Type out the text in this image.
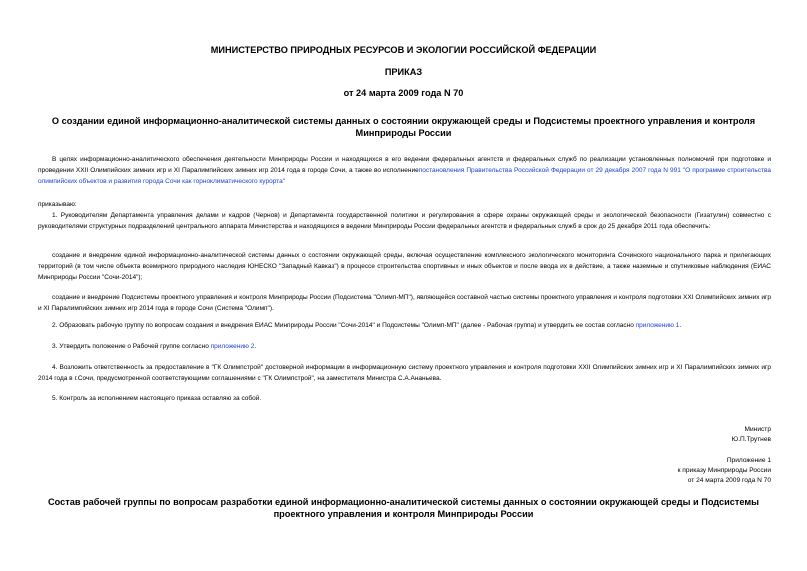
МИНИСТЕРСТВО ПРИРОДНЫХ РЕСУРСОВ И ЭКОЛОГИИ РОССИЙСКОЙ ФЕДЕРАЦИИ
ПРИКАЗ
от 24 марта 2009 года N 70
О создании единой информационно-аналитической системы данных о состоянии окружающей среды и Подсистемы проектного управления и контроля Минприроды России
В целях информационно-аналитического обеспечения деятельности Минприроды России и находящихся в его ведении федеральных агентств и федеральных служб по реализации установленных полномочий при подготовке и проведении XXII Олимпийских зимних игр и XI Паралимпийских зимних игр 2014 года в городе Сочи, а также во исполнениепостановления Правительства Российской Федерации от 29 декабря 2007 года N 991 "О программе строительства олимпийских объектов и развития города Сочи как горноклиматического курорта"
приказываю:
1. Руководителям Департамента управления делами и кадров (Чернов) и Департамента государственной политики и регулирования в сфере охраны окружающей среды и экологической безопасности (Гизатулин) совместно с руководителями структурных подразделений центрального аппарата Министерства и находящихся в ведении Минприроды России федеральных агентств и федеральных служб в срок до 25 декабря 2011 года обеспечить:
создание и внедрение единой информационно-аналитической системы данных о состоянии окружающей среды, включая осуществление комплексного экологического мониторинга Сочинского национального парка и прилегающих территорий (в том числе объекта всемирного природного наследия ЮНЕСКО "Западный Кавказ") в процессе строительства спортивных и иных объектов и после ввода их в действие, а также наземные и спутниковые наблюдения (ЕИАС Минприроды России "Сочи-2014");
создание и внедрение Подсистемы проектного управления и контроля Минприроды России (Подсистема "Олимп-МП"), являющейся составной частью системы проектного управления и контроля подготовки XXI Олимпийских зимних игр и XI Паралимпийских зимних игр 2014 года в городе Сочи (Система "Олимп").
2. Образовать рабочую группу по вопросам создания и внедрения ЕИАС Минприроды России "Сочи-2014" и Подсистемы "Олимп-МП" (далее - Рабочая группа) и утвердить ее состав согласно приложению 1.
3. Утвердить положение о Рабочей группе согласно приложению 2.
4. Возложить ответственность за предоставление в "ГК Олимпстрой" достоверной информации в информационную систему проектного управления и контроля подготовки XXII Олимпийских зимних игр и XI Паралимпийских зимних игр 2014 года в г.Сочи, предусмотренной соответствующими соглашениями с "ГК Олимпстрой", на заместителя Министра С.А.Ананьева.
5. Контроль за исполнением настоящего приказа оставляю за собой.
Министр
Ю.П.Трутнев
Приложение 1
к приказу Минприроды России
от 24 марта 2009 года N 70
Состав рабочей группы по вопросам разработки единой информационно-аналитической системы данных о состоянии окружающей среды и Подсистемы проектного управления и контроля Минприроды России
